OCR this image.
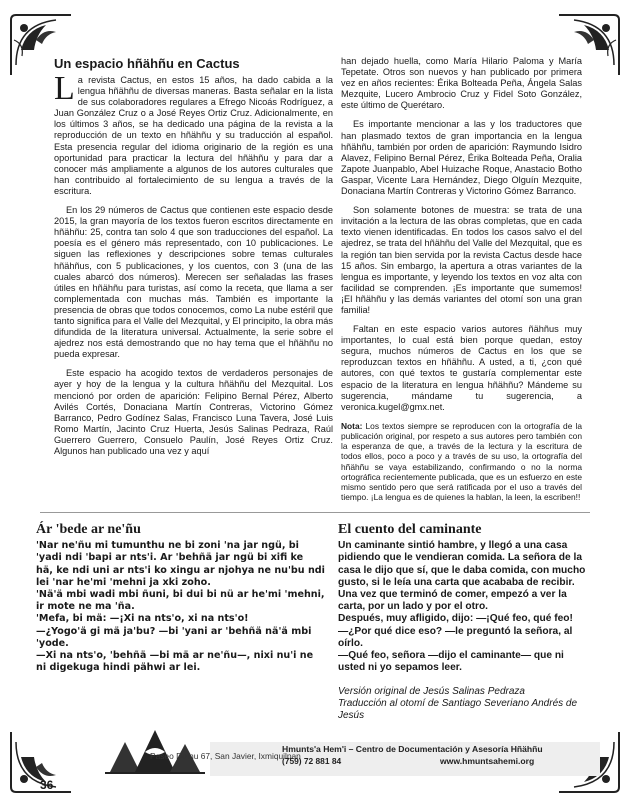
Un espacio hñähñu en Cactus
La revista Cactus, en estos 15 años, ha dado cabida a la lengua hñähñu de diversas maneras. Basta señalar en la lista de sus colaboradores regulares a Efrego Nicoás Rodríguez, a Juan González Cruz o a José Reyes Ortiz Cruz. Adicionalmente, en los últimos 3 años, se ha dedicado una página de la revista a la reproducción de un texto en hñähñu y su traducción al español. Esta presencia regular del idioma originario de la región es una oportunidad para practicar la lectura del hñähñu y para dar a conocer más ampliamente a algunos de los autores culturales que han contribuido al fortalecimiento de su lengua a través de la escritura.
En los 29 números de Cactus que contienen este espacio desde 2015, la gran mayoría de los textos fueron escritos directamente en hñähñu: 25, contra tan solo 4 que son traducciones del español. La poesía es el género más representado, con 10 publicaciones. Le siguen las reflexiones y descripciones sobre temas culturales hñähñus, con 5 publicaciones, y los cuentos, con 3 (una de las cuales abarcó dos números). Merecen ser señaladas las frases útiles en hñähñu para turistas, así como la receta, que llama a ser complementada con muchas más. También es importante la presencia de obras que todos conocemos, como La nube estéril que tanto significa para el Valle del Mezquital, y El principito, la obra más difundida de la literatura universal. Actualmente, la serie sobre el ajedrez nos está demostrando que no hay tema que el hñähñu no pueda expresar.
Este espacio ha acogido textos de verdaderos personajes de ayer y hoy de la lengua y la cultura hñähñu del Mezquital. Los mencionó por orden de aparición: Felipino Bernal Pérez, Alberto Avilés Cortés, Donaciana Martín Contreras, Victorino Gómez Barranco, Pedro Godínez Salas, Francisco Luna Tavera, José Luis Romo Martín, Jacinto Cruz Huerta, Jesús Salinas Pedraza, Raúl Guerrero Guerrero, Consuelo Paulín, José Reyes Ortiz Cruz. Algunos han publicado una vez y aquí
han dejado huella, como María Hilario Paloma y María Tepetate. Otros son nuevos y han publicado por primera vez en años recientes: Érika Bolteada Peña, Ángela Salas Mezquite, Lucero Ambrocio Cruz y Fidel Soto González, este último de Querétaro.
Es importante mencionar a las y los traductores que han plasmado textos de gran importancia en la lengua hñähñu, también por orden de aparición: Raymundo Isidro Alavez, Felipino Bernal Pérez, Érika Bolteada Peña, Oralia Zapote Juanpablo, Abel Huizache Roque, Anastacio Botho Gaspar, Vicente Lara Hernández, Diego Olguín Mezquite, Donaciana Martín Contreras y Victorino Gómez Barranco.
Son solamente botones de muestra: se trata de una invitación a la lectura de las obras completas, que en cada texto vienen identificadas. En todos los casos salvo el del ajedrez, se trata del hñähñu del Valle del Mezquital, que es la región tan bien servida por la revista Cactus desde hace 15 años. Sin embargo, la apertura a otras variantes de la lengua es importante, y leyendo los textos en voz alta con facilidad se comprenden. ¡Es importante que sumemos! ¡El hñähñu y las demás variantes del otomí son una gran familia!
Faltan en este espacio varios autores ñähñus muy importantes, lo cual está bien porque quedan, estoy segura, muchos números de Cactus en los que se reproduzcan textos en hñähñu. A usted, a ti, ¿con qué autores, con qué textos te gustaría complementar este espacio de la literatura en lengua hñähñu? Mándeme su sugerencia, mándame tu sugerencia, a veronica.kugel@gmx.net.
Nota: Los textos siempre se reproducen con la ortografía de la publicación original, por respeto a sus autores pero también con la esperanza de que, a través de la lectura y la escritura de todos ellos, poco a poco y a través de su uso, la ortografía del hñähñu se vaya estabilizando, confirmando o no la norma ortográfica recientemente publicada, que es un esfuerzo en este mismo sentido pero que será ratificada por el uso a través del tiempo. ¡La lengua es de quienes la hablan, la leen, la escriben!!
Ár 'bede ar ne'ñu
'Nar ne'ñu mi tumunthu ne bi zoni 'na jar ngü, bi 'yadi ndi 'bapi ar nts'i. Ar 'behñä jar ngü bi xifi ke
hä, ke ndi uni ar nts'i ko xingu ar njohya ne nu'bu ndi lei 'nar he'mi 'mehni ja xki zoho.
'Nä'ä mbi wadi mbi ñuni, bi dui bi nü ar he'mi 'mehni, ir mote ne ma 'ña.
'Mefa, bi mä: —¡Xi na nts'o, xi na nts'o!
—¿Yogo'ä gi mä ja'bu? —bi 'yani ar 'behñä nä'ä mbi 'yode.
—Xi na nts'o, 'behñä —bi mä ar ne'ñu—, nixi nu'i ne ni digekuga hindi pähwi ar lei.
El cuento del caminante
Un caminante sintió hambre, y llegó a una casa pidiendo que le vendieran comida. La señora de la casa le dijo que sí, que le daba comida, con mucho gusto, si le leía una carta que acababa de recibir.
Una vez que terminó de comer, empezó a ver la carta, por un lado y por el otro.
Después, muy afligido, dijo: —¡Qué feo, qué feo!
—¿Por qué dice eso? —le preguntó la señora, al oírlo.
—Qué feo, señora —dijo el caminante— que ni usted ni yo sepamos leer.
Versión original de Jesús Salinas Pedraza
Traducción al otomí de Santiago Severiano Andrés de Jesús
Paseo Domu 67, San Javier, Ixmiquilpan
Hmunts'a Hem'i – Centro de Documentación y Asesoría Hñähñu
(759) 72 881 84	www.hmuntsahemi.org
36
